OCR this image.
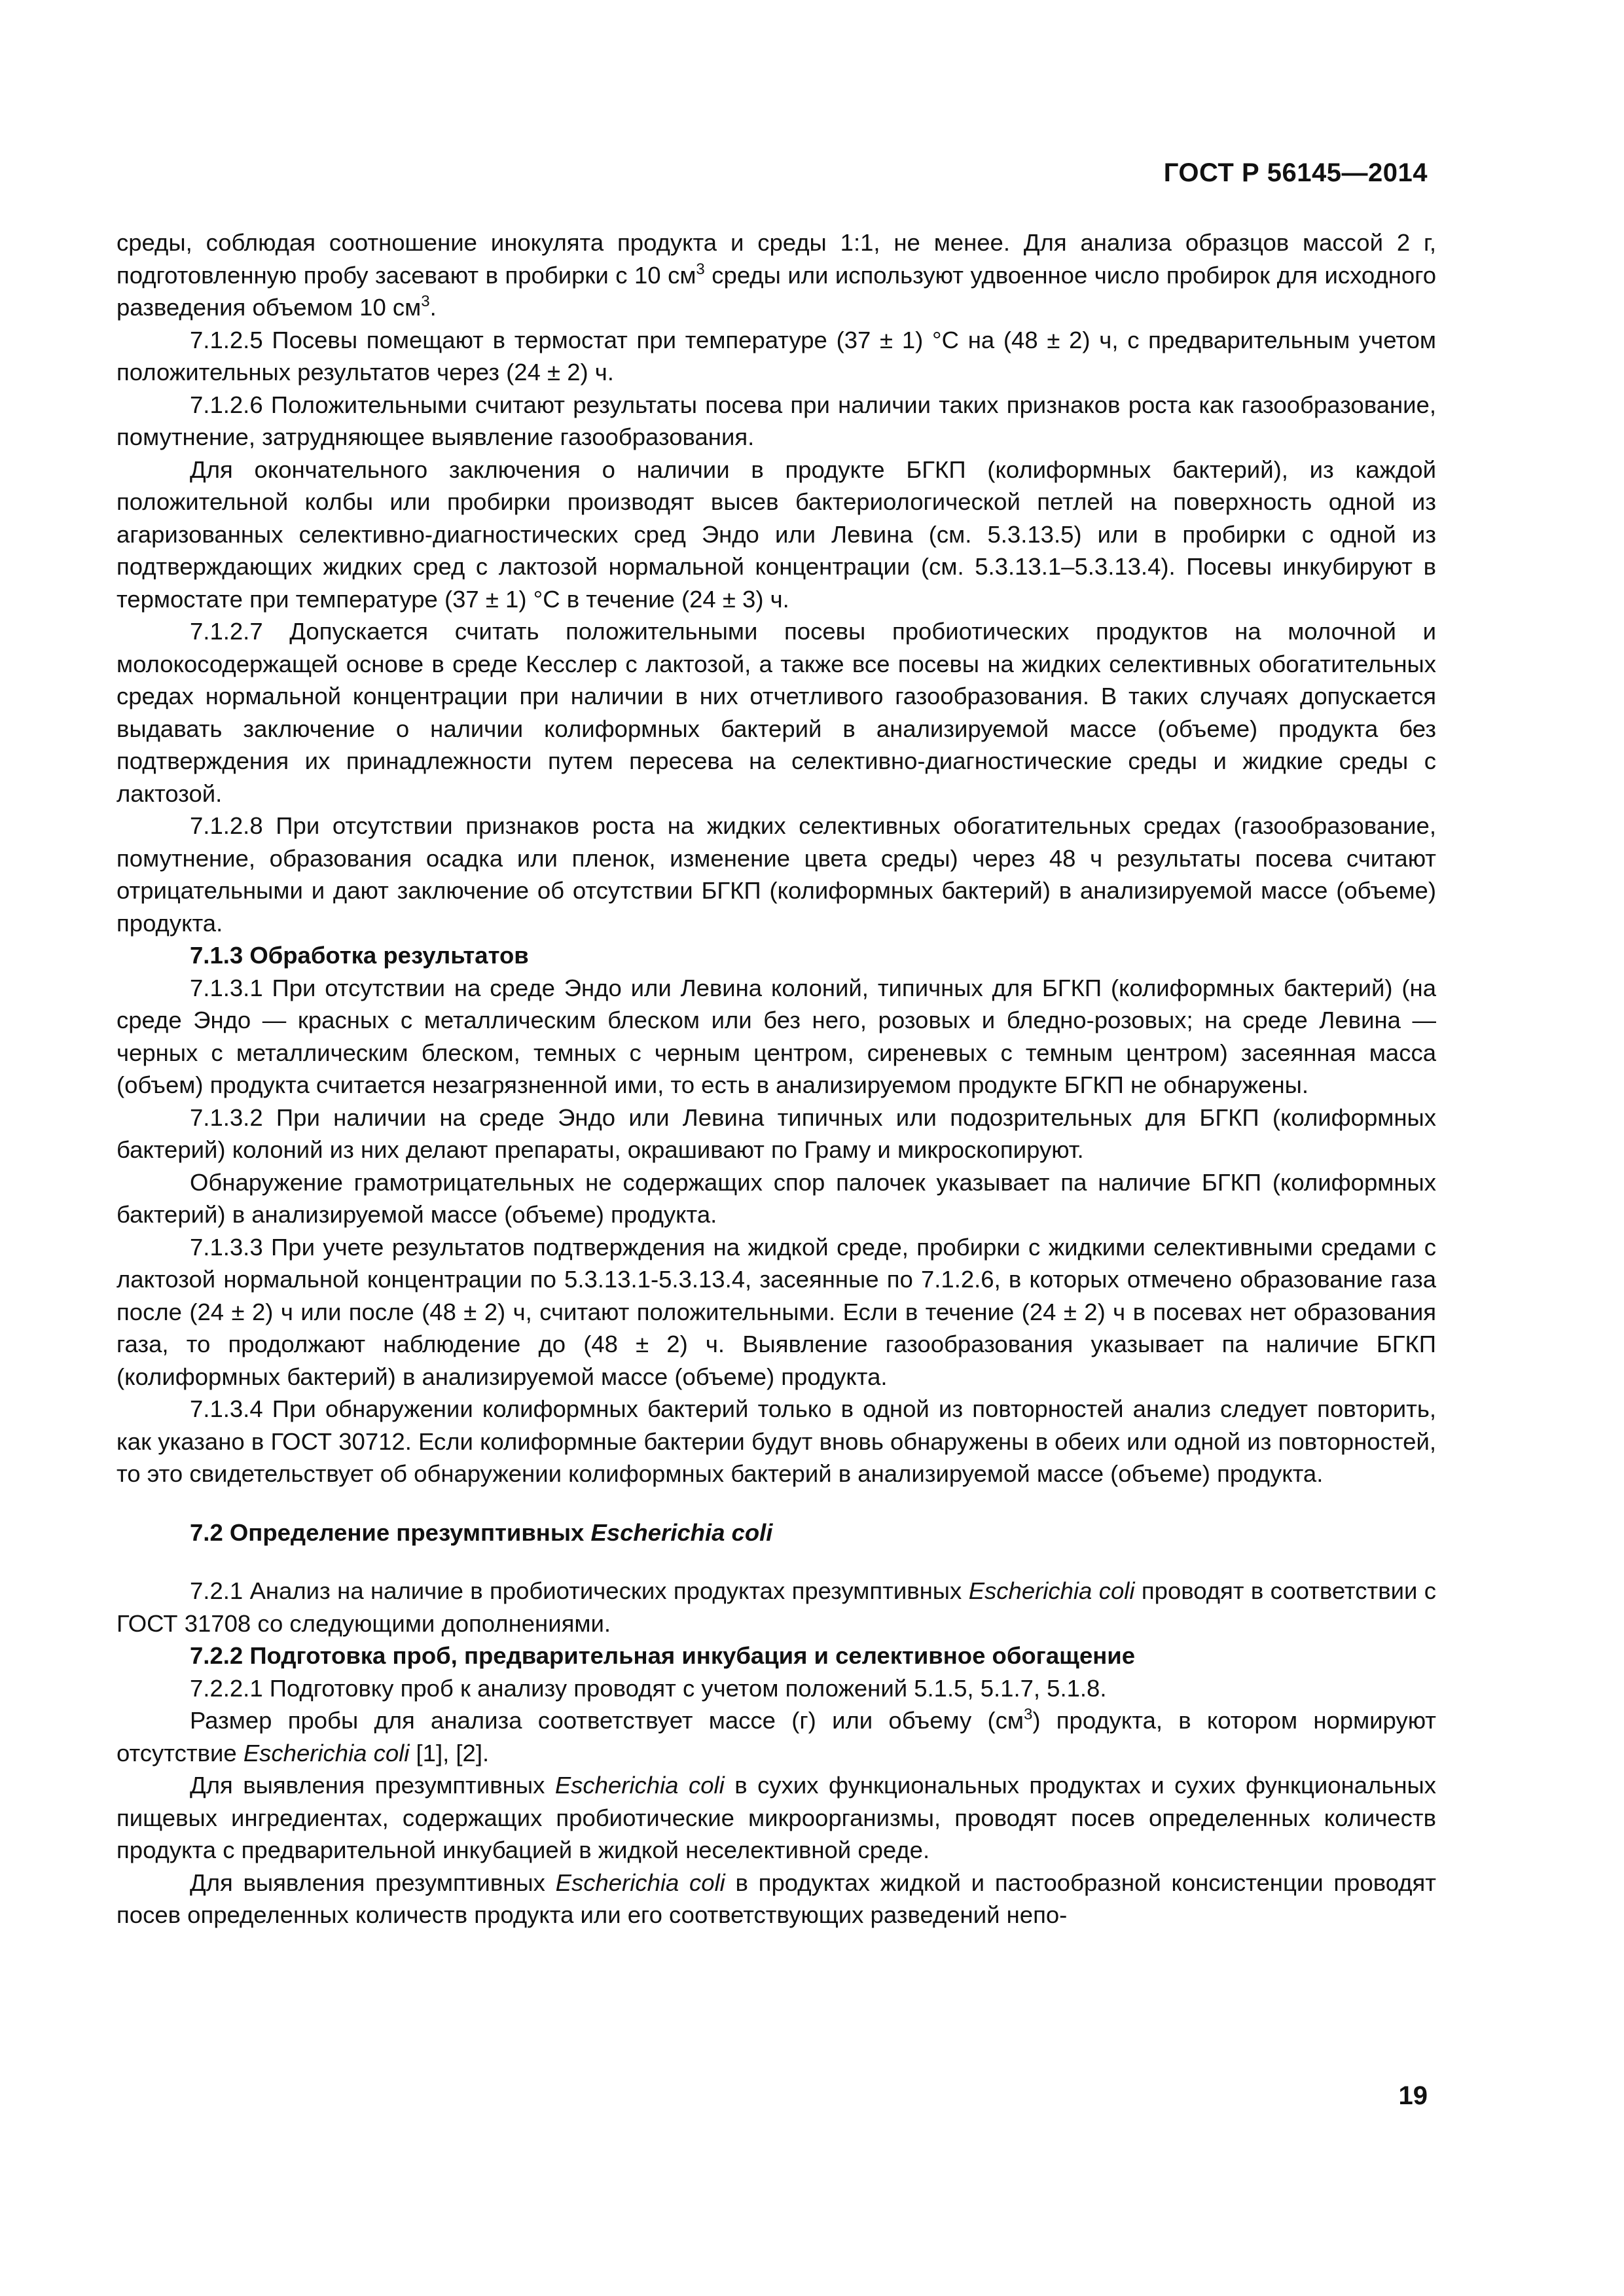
ГОСТ Р 56145—2014

среды, соблюдая соотношение инокулята продукта и среды 1:1, не менее. Для анализа образцов массой 2 г, подготовленную пробу засевают в пробирки с 10 $см^3$ среды или используют удвоенное число пробирок для исходного разведения объемом 10 $см^3$.

7.1.2.5 Посевы помещают в термостат при температуре (37 ± 1) °С на (48 ± 2) ч, с предварительным учетом положительных результатов через (24 ± 2) ч.

7.1.2.6 Положительными считают результаты посева при наличии таких признаков роста как газообразование, помутнение, затрудняющее выявление газообразования.

Для окончательного заключения о наличии в продукте БГКП (колиформных бактерий), из каждой положительной колбы или пробирки производят высев бактериологической петлей на поверхность одной из агаризованных селективно-диагностических сред Эндо или Левина (см. 5.3.13.5) или в пробирки с одной из подтверждающих жидких сред с лактозой нормальной концентрации (см. 5.3.13.1–5.3.13.4). Посевы инкубируют в термостате при температуре (37 ± 1) °С в течение (24 ± 3) ч.

7.1.2.7 Допускается считать положительными посевы пробиотических продуктов на молочной и молокосодержащей основе в среде Кесслер с лактозой, а также все посевы на жидких селективных обогатительных средах нормальной концентрации при наличии в них отчетливого газообразования. В таких случаях допускается выдавать заключение о наличии колиформных бактерий в анализируемой массе (объеме) продукта без подтверждения их принадлежности путем пересева на селективно-диагностические среды и жидкие среды с лактозой.

7.1.2.8 При отсутствии признаков роста на жидких селективных обогатительных средах (газообразование, помутнение, образования осадка или пленок, изменение цвета среды) через 48 ч результаты посева считают отрицательными и дают заключение об отсутствии БГКП (колиформных бактерий) в анализируемой массе (объеме) продукта.

7.1.3 Обработка результатов

7.1.3.1 При отсутствии на среде Эндо или Левина колоний, типичных для БГКП (колиформных бактерий) (на среде Эндо — красных с металлическим блеском или без него, розовых и бледно-розовых; на среде Левина — черных с металлическим блеском, темных с черным центром, сиреневых с темным центром) засеянная масса (объем) продукта считается незагрязненной ими, то есть в анализируемом продукте БГКП не обнаружены.

7.1.3.2 При наличии на среде Эндо или Левина типичных или подозрительных для БГКП (колиформных бактерий) колоний из них делают препараты, окрашивают по Граму и микроскопируют.

Обнаружение грамотрицательных не содержащих спор палочек указывает па наличие БГКП (колиформных бактерий) в анализируемой массе (объеме) продукта.

7.1.3.3 При учете результатов подтверждения на жидкой среде, пробирки с жидкими селективными средами с лактозой нормальной концентрации по 5.3.13.1-5.3.13.4, засеянные по 7.1.2.6, в которых отмечено образование газа после (24 ± 2) ч или после (48 ± 2) ч, считают положительными. Если в течение (24 ± 2) ч в посевах нет образования газа, то продолжают наблюдение до (48 ± 2) ч. Выявление газообразования указывает па наличие БГКП (колиформных бактерий) в анализируемой массе (объеме) продукта.

7.1.3.4 При обнаружении колиформных бактерий только в одной из повторностей анализ следует повторить, как указано в ГОСТ 30712. Если колиформные бактерии будут вновь обнаружены в обеих или одной из повторностей, то это свидетельствует об обнаружении колиформных бактерий в анализируемой массе (объеме) продукта.

7.2 Определение презумптивных Escherichia coli

7.2.1 Анализ на наличие в пробиотических продуктах презумптивных Escherichia coli проводят в соответствии с ГОСТ 31708 со следующими дополнениями.

7.2.2 Подготовка проб, предварительная инкубация и селективное обогащение

7.2.2.1 Подготовку проб к анализу проводят с учетом положений 5.1.5, 5.1.7, 5.1.8.

Размер пробы для анализа соответствует массе (г) или объему $(см^3)$ продукта, в котором нормируют отсутствие Escherichia coli [1], [2].

Для выявления презумптивных Escherichia coli в сухих функциональных продуктах и сухих функциональных пищевых ингредиентах, содержащих пробиотические микроорганизмы, проводят посев определенных количеств продукта с предварительной инкубацией в жидкой неселективной среде.

Для выявления презумптивных Escherichia coli в продуктах жидкой и пастообразной консистенции проводят посев определенных количеств продукта или его соответствующих разведений непо-

19
